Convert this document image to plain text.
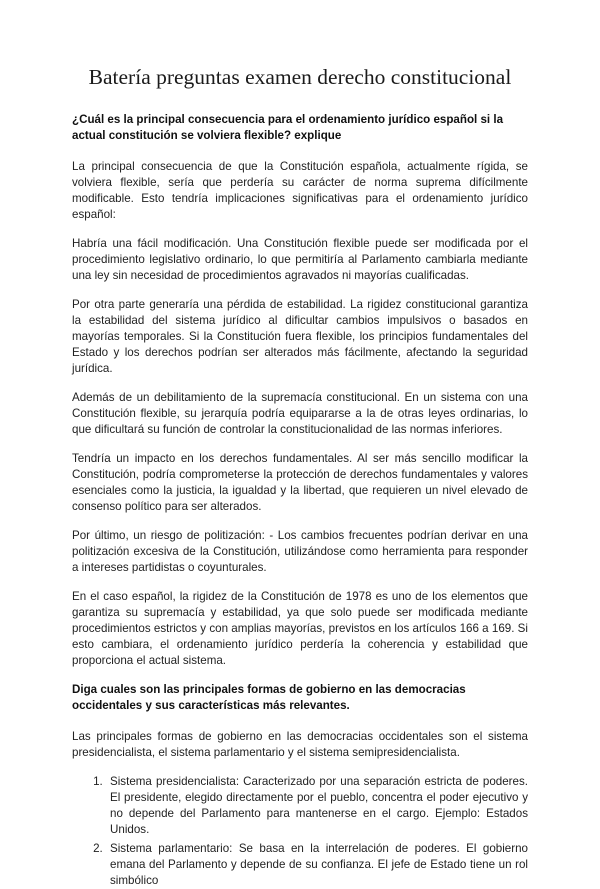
Batería preguntas examen derecho constitucional

¿Cuál es la principal consecuencia para el ordenamiento jurídico español si la actual constitución se volviera flexible? explique

La principal consecuencia de que la Constitución española, actualmente rígida, se volviera flexible, sería que perdería su carácter de norma suprema difícilmente modificable. Esto tendría implicaciones significativas para el ordenamiento jurídico español:

Habría una fácil modificación. Una Constitución flexible puede ser modificada por el procedimiento legislativo ordinario, lo que permitiría al Parlamento cambiarla mediante una ley sin necesidad de procedimientos agravados ni mayorías cualificadas.

Por otra parte generaría una pérdida de estabilidad. La rigidez constitucional garantiza la estabilidad del sistema jurídico al dificultar cambios impulsivos o basados en mayorías temporales. Si la Constitución fuera flexible, los principios fundamentales del Estado y los derechos podrían ser alterados más fácilmente, afectando la seguridad jurídica.

Además de un debilitamiento de la supremacía constitucional. En un sistema con una Constitución flexible, su jerarquía podría equipararse a la de otras leyes ordinarias, lo que dificultará su función de controlar la constitucionalidad de las normas inferiores.

Tendría un impacto en los derechos fundamentales. Al ser más sencillo modificar la Constitución, podría comprometerse la protección de derechos fundamentales y valores esenciales como la justicia, la igualdad y la libertad, que requieren un nivel elevado de consenso político para ser alterados.

Por último, un riesgo de politización: - Los cambios frecuentes podrían derivar en una politización excesiva de la Constitución, utilizándose como herramienta para responder a intereses partidistas o coyunturales.

En el caso español, la rigidez de la Constitución de 1978 es uno de los elementos que garantiza su supremacía y estabilidad, ya que solo puede ser modificada mediante procedimientos estrictos y con amplias mayorías, previstos en los artículos 166 a 169. Si esto cambiara, el ordenamiento jurídico perdería la coherencia y estabilidad que proporciona el actual sistema.

Diga cuales son las principales formas de gobierno en las democracias occidentales y sus características más relevantes.

Las principales formas de gobierno en las democracias occidentales son el sistema presidencialista, el sistema parlamentario y el sistema semipresidencialista.

1. Sistema presidencialista: Caracterizado por una separación estricta de poderes. El presidente, elegido directamente por el pueblo, concentra el poder ejecutivo y no depende del Parlamento para mantenerse en el cargo. Ejemplo: Estados Unidos.
2. Sistema parlamentario: Se basa en la interrelación de poderes. El gobierno emana del Parlamento y depende de su confianza. El jefe de Estado tiene un rol simbólico
